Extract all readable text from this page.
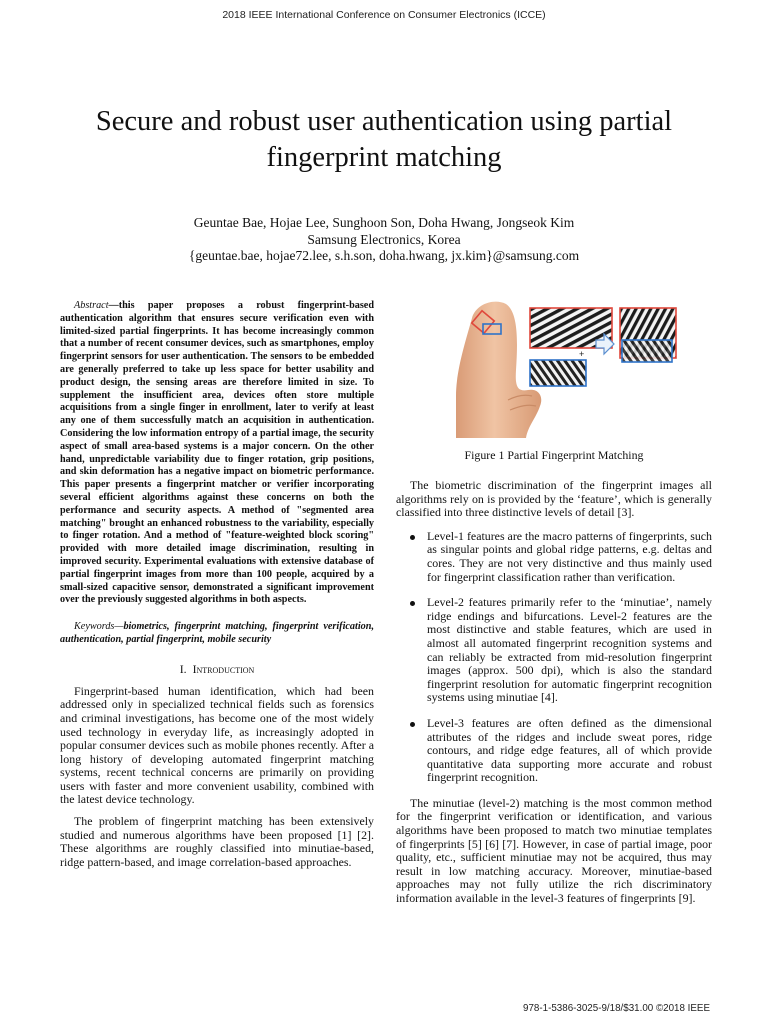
2018 IEEE International Conference on Consumer Electronics (ICCE)
Secure and robust user authentication using partial
fingerprint matching
Geuntae Bae, Hojae Lee, Sunghoon Son, Doha Hwang, Jongseok Kim
Samsung Electronics, Korea
{geuntae.bae, hojae72.lee, s.h.son, doha.hwang, jx.kim}@samsung.com

Abstract—this paper proposes a robust fingerprint-based authentication algorithm that ensures secure verification even with limited-sized partial fingerprints. It has become increasingly common that a number of recent consumer devices, such as smartphones, employ fingerprint sensors for user authentication. The sensors to be embedded are generally preferred to take up less space for better usability and product design, the sensing areas are therefore limited in size. To supplement the insufficient area, devices often store multiple acquisitions from a single finger in enrollment, later to verify at least any one of them successfully match an acquisition in authentication. Considering the low information entropy of a partial image, the security aspect of small area-based systems is a major concern. On the other hand, unpredictable variability due to finger rotation, grip positions, and skin deformation has a negative impact on biometric performance. This paper presents a fingerprint matcher or verifier incorporating several efficient algorithms against these concerns on both the performance and security aspects. A method of "segmented area matching" brought an enhanced robustness to the variability, especially to finger rotation. And a method of "feature-weighted block scoring" provided with more detailed image discrimination, resulting in improved security. Experimental evaluations with extensive database of partial fingerprint images from more than 100 people, acquired by a small-sized capacitive sensor, demonstrated a significant improvement over the previously suggested algorithms in both aspects.

Keywords—biometrics, fingerprint matching, fingerprint verification, authentication, partial fingerprint, mobile security

I. Introduction

Fingerprint-based human identification, which had been addressed only in specialized technical fields such as forensics and criminal investigations, has become one of the most widely used technology in everyday life, as increasingly adopted in popular consumer devices such as mobile phones recently. After a long history of developing automated fingerprint matching systems, recent technical concerns are primarily on providing users with faster and more convenient usability, combined with the latest device technology.

The problem of fingerprint matching has been extensively studied and numerous algorithms have been proposed [1] [2]. These algorithms are roughly classified into minutiae-based, ridge pattern-based, and image correlation-based approaches.

+

Figure 1 Partial Fingerprint Matching

The biometric discrimination of the fingerprint images all algorithms rely on is provided by the ‘feature’, which is generally classified into three distinctive levels of detail [3].

Level-1 features are the macro patterns of fingerprints, such as singular points and global ridge patterns, e.g. deltas and cores. They are not very distinctive and thus mainly used for fingerprint classification rather than verification.
Level-2 features primarily refer to the ‘minutiae’, namely ridge endings and bifurcations. Level-2 features are the most distinctive and stable features, which are used in almost all automated fingerprint recognition systems and can reliably be extracted from mid-resolution fingerprint images (approx. 500 dpi), which is also the standard fingerprint resolution for automatic fingerprint recognition systems using minutiae [4].
Level-3 features are often defined as the dimensional attributes of the ridges and include sweat pores, ridge contours, and ridge edge features, all of which provide quantitative data supporting more accurate and robust fingerprint recognition.

The minutiae (level-2) matching is the most common method for the fingerprint verification or identification, and various algorithms have been proposed to match two minutiae templates of fingerprints [5] [6] [7]. However, in case of partial image, poor quality, etc., sufficient minutiae may not be acquired, thus may result in low matching accuracy. Moreover, minutiae-based approaches may not fully utilize the rich discriminatory information available in the level-3 features of fingerprints [9].

978-1-5386-3025-9/18/$31.00 ©2018 IEEE
